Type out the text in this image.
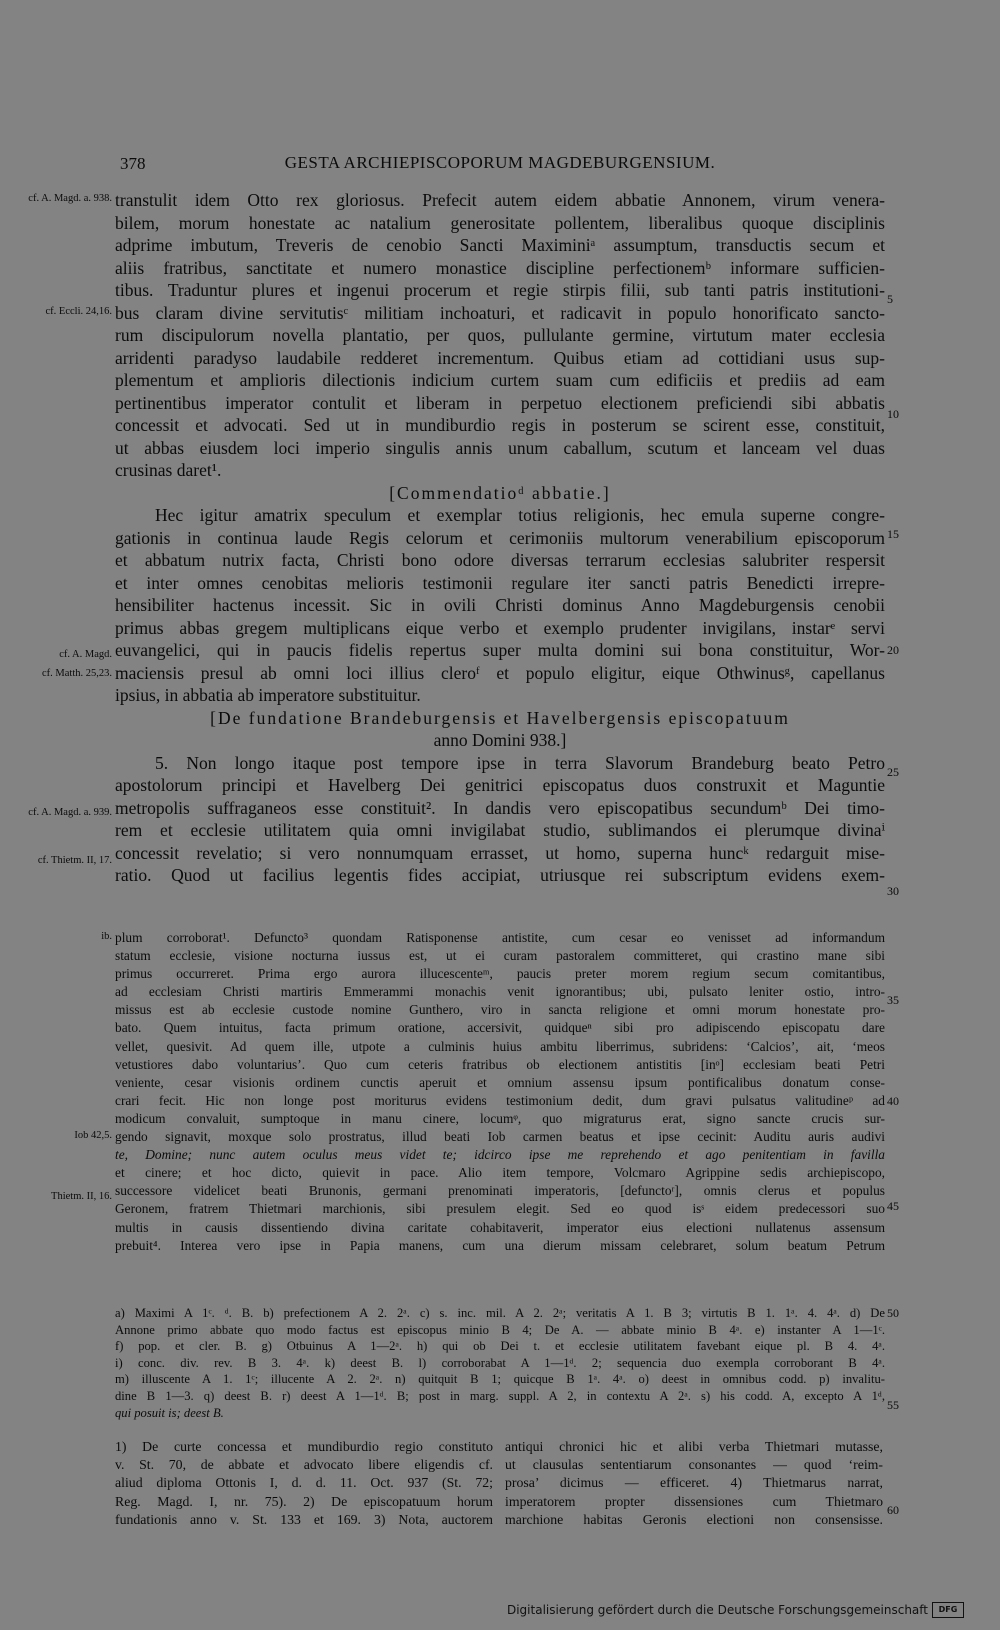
378	GESTA ARCHIEPISCOPORUM MAGDEBURGENSIUM.
transtulit idem Otto rex gloriosus. Prefecit autem eidem abbatie Annonem, virum venera-
bilem, morum honestate ac natalium generositate pollentem, liberalibus quoque disciplinis
adprime imbutum, Treveris de cenobio Sancti Maximiniᵃ assumptum, transductis secum et
aliis fratribus, sanctitate et numero monastice discipline perfectionemᵇ informare sufficien-
tibus. Traduntur plures et ingenui procerum et regie stirpis filii, sub tanti patris institutioni-
bus claram divine servitutisᶜ militiam inchoaturi, et radicavit in populo honorificato sancto-
rum discipulorum novella plantatio, per quos, pullulante germine, virtutum mater ecclesia
arridenti paradyso laudabile redderet incrementum. Quibus etiam ad cottidiani usus sup-
plementum et amplioris dilectionis indicium curtem suam cum edificiis et prediis ad eam
pertinentibus imperator contulit et liberam in perpetuo electionem preficiendi sibi abbatis
concessit et advocati. Sed ut in mundiburdio regis in posterum se scirent esse, constituit,
ut abbas eiusdem loci imperio singulis annis unum caballum, scutum et lanceam vel duas
crusinas daret¹.
[Commendatioᵈ abbatie.]
Hec igitur amatrix speculum et exemplar totius religionis, hec emula superne congre-
gationis in continua laude Regis celorum et cerimoniis multorum venerabilium episcoporum
et abbatum nutrix facta, Christi bono odore diversas terrarum ecclesias salubriter respersit
et inter omnes cenobitas melioris testimonii regulare iter sancti patris Benedicti irrepre-
hensibiliter hactenus incessit. Sic in ovili Christi dominus Anno Magdeburgensis cenobii
primus abbas gregem multiplicans eique verbo et exemplo prudenter invigilans, instarᵉ servi
euvangelici, qui in paucis fidelis repertus super multa domini sui bona constituitur, Wor-
maciensis presul ab omni loci illius cleroᶠ et populo eligitur, eique Othwinusᵍ, capellanus
ipsius, in abbatia ab imperatore substituitur.
[De fundatione Brandeburgensis et Havelbergensis episcopatuum
anno Domini 938.]
5. Non longo itaque post tempore ipse in terra Slavorum Brandeburg beato Petro
apostolorum principi et Havelberg Dei genitrici episcopatus duos construxit et Maguntie
metropolis suffraganeos esse constituit². In dandis vero episcopatibus secundumᵇ Dei timo-
rem et ecclesie utilitatem quia omni invigilabat studio, sublimandos ei plerumque divinaⁱ
concessit revelatio; si vero nonnumquam errasset, ut homo, superna huncᵏ redarguit mise-
ratio. Quod ut facilius legentis fides accipiat, utriusque rei subscriptum evidens exem-
plum corroborat¹. Defuncto³ quondam Ratisponense antistite, cum cesar eo venisset ad informandum
statum ecclesie, visione nocturna iussus est, ut ei curam pastoralem committeret, qui crastino mane sibi
primus occurreret. Prima ergo aurora illucescenteᵐ, paucis preter morem regium secum comitantibus,
ad ecclesiam Christi martiris Emmerammi monachis venit ignorantibus; ubi, pulsato leniter ostio, intro-
missus est ab ecclesie custode nomine Gunthero, viro in sancta religione et omni morum honestate pro-
bato. Quem intuitus, facta primum oratione, accersivit, quidqueⁿ sibi pro adipiscendo episcopatu dare
vellet, quesivit. Ad quem ille, utpote a culminis huius ambitu liberrimus, subridens: ‘Calcios’, ait, ‘meos
vetustiores dabo voluntarius’. Quo cum ceteris fratribus ob electionem antistitis [inᵒ] ecclesiam beati Petri
veniente, cesar visionis ordinem cunctis aperuit et omnium assensu ipsum pontificalibus donatum conse-
crari fecit. Hic non longe post moriturus evidens testimonium dedit, dum gravi pulsatus valitudineᵖ ad
modicum convaluit, sumptoque in manu cinere, locumᵠ, quo migraturus erat, signo sancte crucis sur-
gendo signavit, moxque solo prostratus, illud beati Iob carmen beatus et ipse cecinit: Auditu auris audivi
te, Domine; nunc autem oculus meus videt te; idcirco ipse me reprehendo et ago penitentiam in favilla
et cinere; et hoc dicto, quievit in pace. Alio item tempore, Volcmaro Agrippine sedis archiepiscopo,
successore videlicet beati Brunonis, germani prenominati imperatoris, [defunctoʳ], omnis clerus et populus
Geronem, fratrem Thietmari marchionis, sibi presulem elegit. Sed eo quod isˢ eidem predecessori suo
multis in causis dissentiendo divina caritate cohabitaverit, imperator eius electioni nullatenus assensum
prebuit⁴. Interea vero ipse in Papia manens, cum una dierum missam celebraret, solum beatum Petrum
a) Maximi A 1ᶜ. ᵈ. B. b) prefectionem A 2. 2ᵃ. c) s. inc. mil. A 2. 2ᵃ; veritatis A 1. B 3; virtutis B 1. 1ᵃ. 4. 4ᵃ. d) De
Annone primo abbate quo modo factus est episcopus minio B 4; De A. — abbate minio B 4ᵃ. e) instanter A 1—1ᶜ.
f) pop. et cler. B. g) Otbuinus A 1—2ᵃ. h) qui ob Dei t. et ecclesie utilitatem favebant eique pl. B 4. 4ᵃ.
i) conc. div. rev. B 3. 4ᵃ. k) deest B. l) corroborabat A 1—1ᵈ. 2; sequencia duo exempla corroborant B 4ᵃ.
m) illuscente A 1. 1ᶜ; illucente A 2. 2ᵃ. n) quitquit B 1; quicque B 1ᵃ. 4ᵃ. o) deest in omnibus codd. p) invalitu-
dine B 1—3. q) deest B. r) deest A 1—1ᵈ. B; post in marg. suppl. A 2, in contextu A 2ᵃ. s) his codd. A, excepto A 1ᵈ,
qui posuit is; deest B.
1) De curte concessa et mundiburdio regio constituto
v. St. 70, de abbate et advocato libere eligendis cf.
aliud diploma Ottonis I, d. d. 11. Oct. 937 (St. 72;
Reg. Magd. I, nr. 75). 2) De episcopatuum horum
fundationis anno v. St. 133 et 169. 3) Nota, auctorem
antiqui chronici hic et alibi verba Thietmari mutasse,
ut clausulas sententiarum consonantes — quod ‘reim-
prosa’ dicimus — efficeret. 4) Thietmarus narrat,
imperatorem propter dissensiones cum Thietmaro
marchione habitas Geronis electioni non consensisse.
cf. A. Magd. a. 938.
cf. Eccli. 24,16.
cf. A. Magd.
cf. Matth. 25,23.
cf. A. Magd. a. 939.
cf. Thietm. II, 17.
ib.
Iob 42,5.
Thietm. II, 16.
5
10
15
20
25
30
35
40
45
50
55
60
Digitalisierung gefördert durch die Deutsche Forschungsgemeinschaft	DFG
